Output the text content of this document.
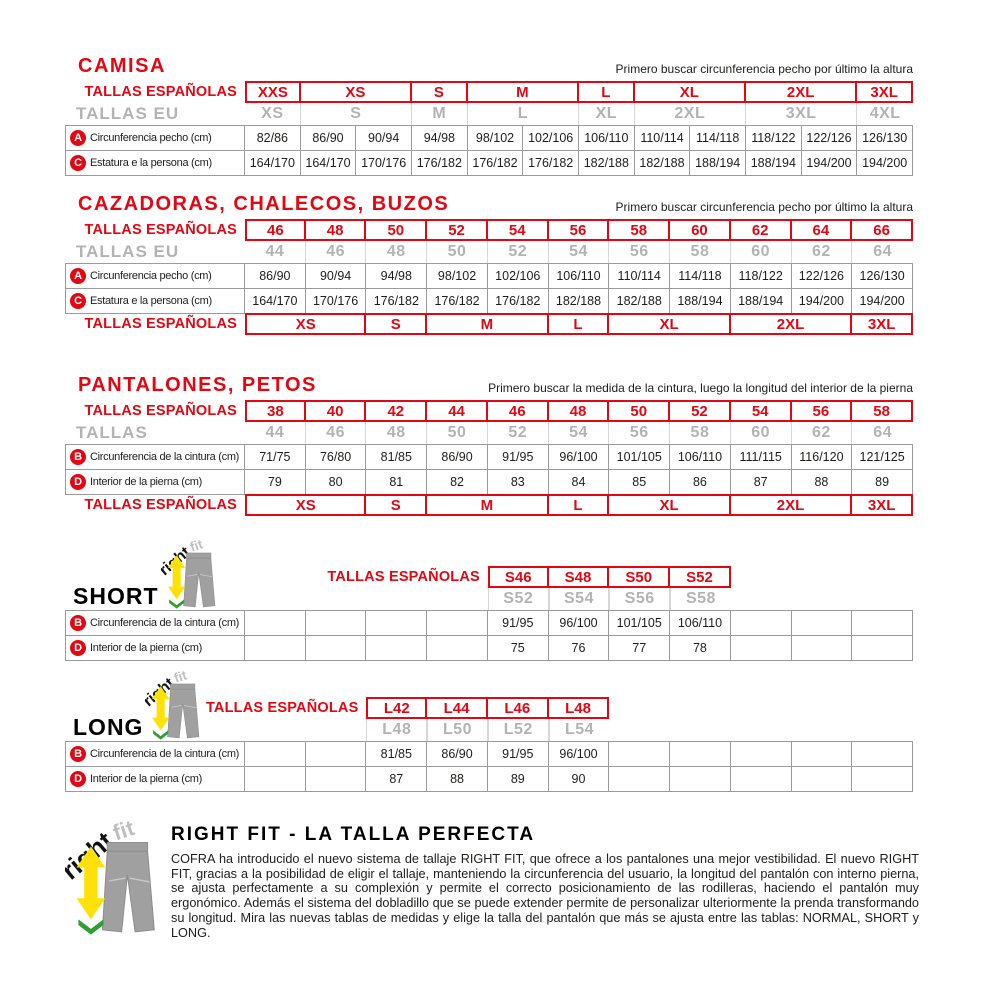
CAMISA	Primero buscar circunferencia pecho por último la altura
TALLAS ESPAÑOLAS	XXS	XS	S	M	L	XL	2XL	3XL
TALLAS EU	XS	S	M	L	XL	2XL	3XL	4XL
A Circunferencia pecho (cm)	82/86	86/90	90/94	94/98	98/102	102/106 106/110 110/114 114/118 118/122 122/126 126/130
C Estatura e la persona (cm)	164/170 164/170 170/176 176/182 176/182 176/182 182/188 182/188 188/194 188/194 194/200 194/200
CAZADORAS, CHALECOS, BUZOS	Primero buscar circunferencia pecho por último la altura
TALLAS ESPAÑOLAS	46	48	50	52	54	56	58	60	62	64	66
TALLAS EU	44	46	48	50	52	54	56	58	60	62	64
A Circunferencia pecho (cm)	86/90	90/94	94/98	98/102	102/106	106/110	110/114	114/118	118/122	122/126	126/130
C Estatura e la persona (cm)	164/170	170/176	176/182	176/182	176/182	182/188	182/188	188/194	188/194	194/200	194/200
TALLAS ESPAÑOLAS	XS	S	M	L	XL	2XL	3XL
PANTALONES, PETOS	Primero buscar la medida de la cintura, luego la longitud del interior de la pierna
TALLAS ESPAÑOLAS	38	40	42	44	46	48	50	52	54	56	58
TALLAS	44	46	48	50	52	54	56	58	60	62	64
B Circunferencia de la cintura (cm)	71/75	76/80	81/85	86/90	91/95	96/100	101/105	106/110	111/115	116/120	121/125
D Interior de la pierna (cm)	79	80	81	82	83	84	85	86	87	88	89
TALLAS ESPAÑOLAS	XS	S	M	L	XL	2XL	3XL
TALLAS ESPAÑOLAS	S46	S48	S50	S52
S52	S54	S56	S58
B Circunferencia de la cintura (cm)	91/95	96/100	101/105	106/110
D Interior de la pierna (cm)	75	76	77	78
SHORT
TALLAS ESPAÑOLAS	L42	L44	L46	L48
L48	L50	L52	L54
B Circunferencia de la cintura (cm)	81/85	86/90	91/95	96/100
D Interior de la pierna (cm)	87	88	89	90
LONG
RIGHT FIT - LA TALLA PERFECTA

COFRA ha introducido el nuevo sistema de tallaje RIGHT FIT, que ofrece a los pantalones una mejor vestibilidad. El nuevo RIGHT FIT, gracias a la posibilidad de eligir el tallaje, manteniendo la circunferencia del usuario, la longitud del pantalón con interno pierna, se ajusta perfectamente a su complexión y permite el correcto posicionamiento de las rodilleras, haciendo el pantalón muy ergonómico. Además el sistema del dobladillo que se puede extender permite de personalizar ulteriormente la prenda transformando su longitud. Mira las nuevas tablas de medidas y elige la talla del pantalón que más se ajusta entre las tablas: NORMAL, SHORT y LONG.
